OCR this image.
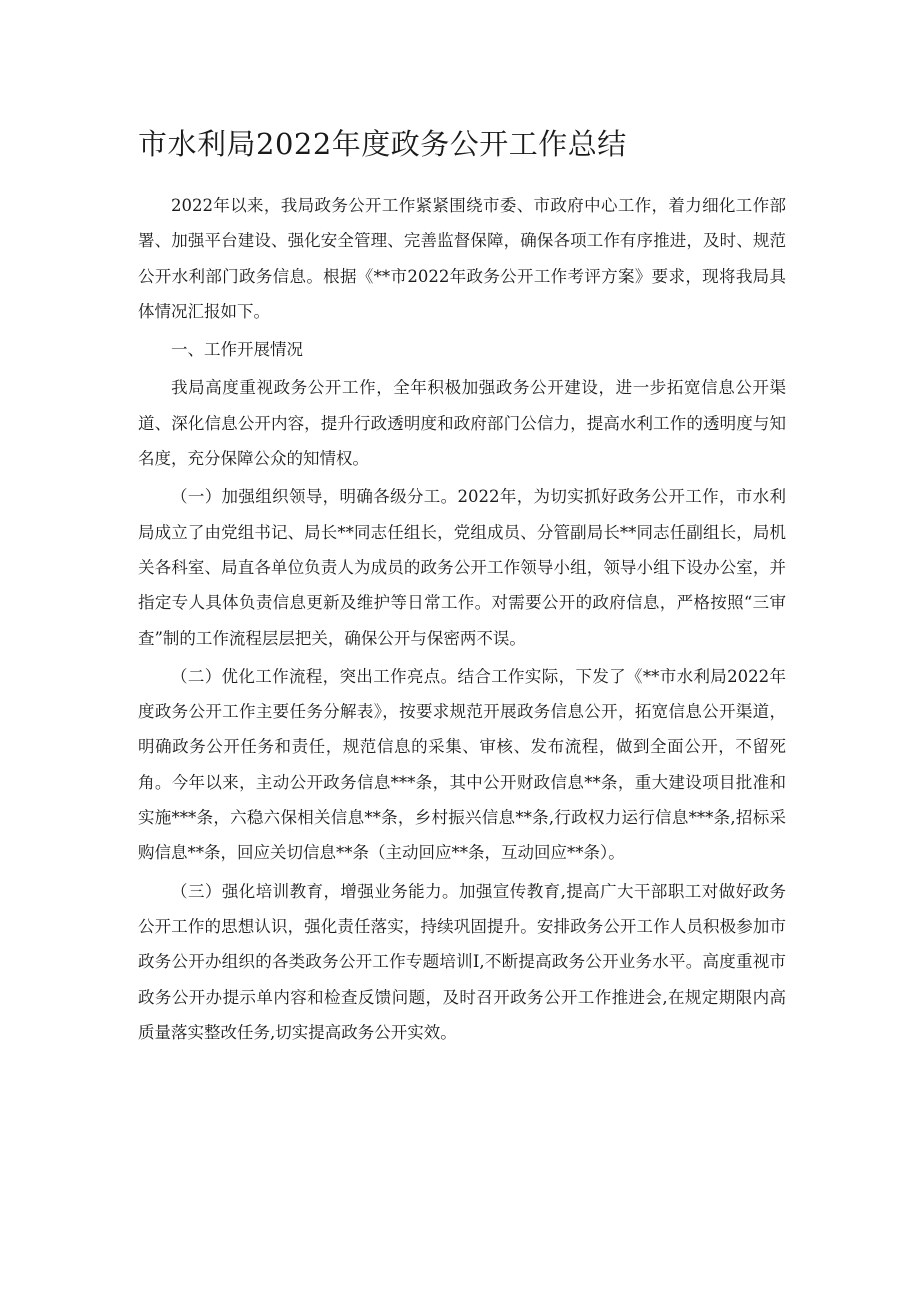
市水利局2022年度政务公开工作总结

2022年以来，我局政务公开工作紧紧围绕市委、市政府中心工作，着力细化工作部署、加强平台建设、强化安全管理、完善监督保障，确保各项工作有序推进，及时、规范公开水利部门政务信息。根据《**市2022年政务公开工作考评方案》要求，现将我局具体情况汇报如下。

一、工作开展情况

我局高度重视政务公开工作，全年积极加强政务公开建设，进一步拓宽信息公开渠道、深化信息公开内容，提升行政透明度和政府部门公信力，提高水利工作的透明度与知名度，充分保障公众的知情权。

（一）加强组织领导，明确各级分工。2022年，为切实抓好政务公开工作，市水利局成立了由党组书记、局长**同志任组长，党组成员、分管副局长**同志任副组长，局机关各科室、局直各单位负责人为成员的政务公开工作领导小组，领导小组下设办公室，并指定专人具体负责信息更新及维护等日常工作。对需要公开的政府信息，严格按照“三审查”制的工作流程层层把关，确保公开与保密两不误。

（二）优化工作流程，突出工作亮点。结合工作实际，下发了《**市水利局2022年度政务公开工作主要任务分解表》，按要求规范开展政务信息公开，拓宽信息公开渠道，明确政务公开任务和责任，规范信息的采集、审核、发布流程，做到全面公开，不留死角。今年以来，主动公开政务信息***条，其中公开财政信息**条，重大建设项目批准和实施***条，六稳六保相关信息**条，乡村振兴信息**条,行政权力运行信息***条,招标采购信息**条，回应关切信息**条（主动回应**条，互动回应**条）。

（三）强化培训教育，增强业务能力。加强宣传教育,提高广大干部职工对做好政务公开工作的思想认识，强化责任落实，持续巩固提升。安排政务公开工作人员积极参加市政务公开办组织的各类政务公开工作专题培训I,不断提高政务公开业务水平。高度重视市政务公开办提示单内容和检查反馈问题，及时召开政务公开工作推进会,在规定期限内高质量落实整改任务,切实提高政务公开实效。
